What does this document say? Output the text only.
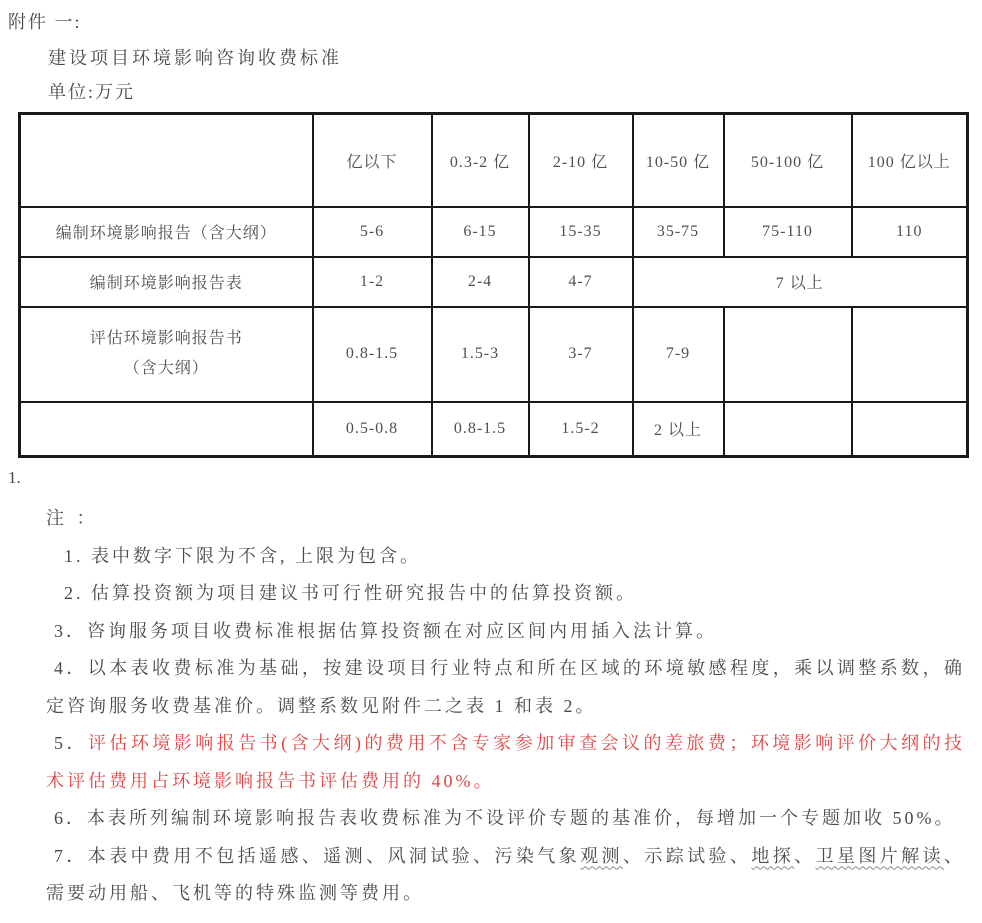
附件 一:
建设项目环境影响咨询收费标准
单位:万元
	亿以下	0.3-2 亿	2-10 亿	10-50 亿	50-100 亿	100 亿以上
编制环境影响报告（含大纲）	5-6	6-15	15-35	35-75	75-110	110
编制环境影响报告表	1-2	2-4	4-7	7 以上		

评估环境影响报告书
（含大纲）	0.8-1.5	1.5-3	3-7	7-9		
	0.5-0.8	0.8-1.5	1.5-2	2 以上		
1.
注 ：

1. 表中数字下限为不含, 上限为包含。

2. 估算投资额为项目建议书可行性研究报告中的估算投资额。

3．咨询服务项目收费标准根据估算投资额在对应区间内用插入法计算。

4．以本表收费标准为基础，按建设项目行业特点和所在区域的环境敏感程度，乘以调整系数，确定咨询服务收费基准价。调整系数见附件二之表 1 和表 2。

5．评估环境影响报告书(含大纲)的费用不含专家参加审查会议的差旅费；环境影响评价大纲的技术评估费用占环境影响报告书评估费用的 40%。

6．本表所列编制环境影响报告表收费标准为不设评价专题的基准价，每增加一个专题加收 50%。

7．本表中费用不包括遥感、遥测、风洞试验、污染气象观测、示踪试验、地探、卫星图片解读、需要动用船、飞机等的特殊监测等费用。
